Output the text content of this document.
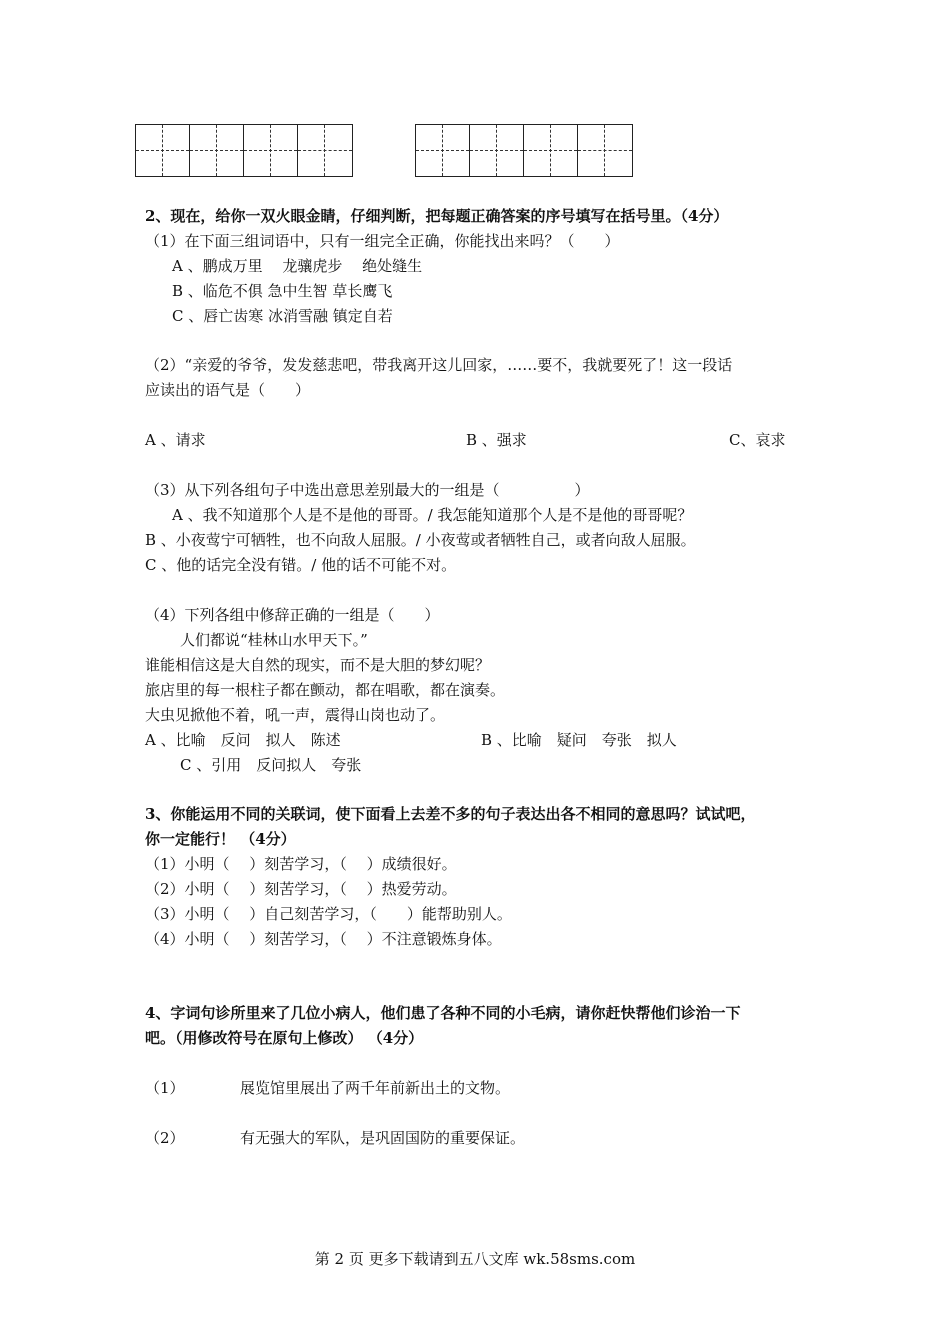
2、现在，给你一双火眼金睛，仔细判断，把每题正确答案的序号填写在括号里。（4分）
（1）在下面三组词语中，只有一组完全正确，你能找出来吗？（　　）
A 、鹏成万里　 龙骧虎步　 绝处缝生
B 、临危不俱 急中生智 草长鹰飞
C 、唇亡齿寒 冰消雪融 镇定自若
（2）“亲爱的爷爷，发发慈悲吧，带我离开这儿回家，……要不，我就要死了！这一段话
应读出的语气是（　　）
A 、请求	B 、强求	C、哀求
（3）从下列各组句子中选出意思差别最大的一组是（　　　　　）
A 、我不知道那个人是不是他的哥哥。/ 我怎能知道那个人是不是他的哥哥呢？
B 、小夜莺宁可牺牲，也不向敌人屈服。/ 小夜莺或者牺牲自己，或者向敌人屈服。
C 、他的话完全没有错。/ 他的话不可能不对。
（4）下列各组中修辞正确的一组是（　　）
人们都说“桂林山水甲天下。”
谁能相信这是大自然的现实，而不是大胆的梦幻呢？
旅店里的每一根柱子都在颤动，都在唱歌，都在演奏。
大虫见掀他不着，吼一声，震得山岗也动了。
A 、比喻　反问　拟人　陈述	B 、比喻　疑问　夸张　拟人
C 、引用　反问拟人　夸张
3、你能运用不同的关联词，使下面看上去差不多的句子表达出各不相同的意思吗？试试吧，
你一定能行！ （4分）
（1）小明（　 ）刻苦学习，（　 ）成绩很好。
（2）小明（　 ）刻苦学习，（　 ）热爱劳动。
（3）小明（　 ）自己刻苦学习，（　　）能帮助别人。
（4）小明（　 ）刻苦学习，（　 ）不注意锻炼身体。
4、字词句诊所里来了几位小病人，他们患了各种不同的小毛病，请你赶快帮他们诊治一下
吧。（用修改符号在原句上修改） （4分）
（1）	展览馆里展出了两千年前新出土的文物。
（2）	有无强大的军队，是巩固国防的重要保证。
第 2 页 更多下载请到五八文库 wk.58sms.com
